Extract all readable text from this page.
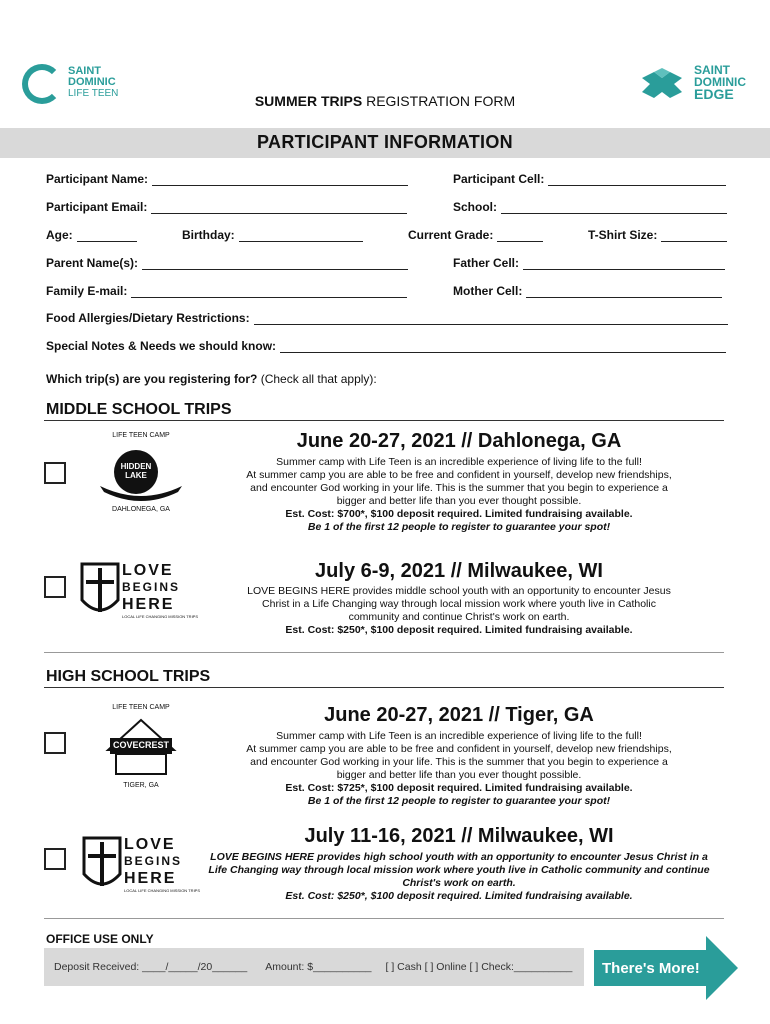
SAINT
DOMINIC
LIFE TEEN
SAINT
DOMINIC
EDGE
SUMMER TRIPS REGISTRATION FORM
PARTICIPANT INFORMATION
Participant Name:	Participant Cell:
Participant Email:	School:
Age:	Birthday:	Current Grade:	T-Shirt Size:
Parent Name(s):	Father Cell:
Family E-mail:	Mother Cell:
Food Allergies/Dietary Restrictions:
Special Notes & Needs we should know:
Which trip(s) are you registering for? (Check all that apply):
MIDDLE SCHOOL TRIPS
LIFE TEEN CAMP
HIDDEN LAKE
DAHLONEGA, GA
June 20-27, 2021 // Dahlonega, GA
Summer camp with Life Teen is an incredible experience of living life to the full!
At summer camp you are able to be free and confident in yourself, develop new friendships,
and encounter God working in your life. This is the summer that you begin to experience a
bigger and better life than you ever thought possible.
Est. Cost: $700*, $100 deposit required. Limited fundraising available.
Be 1 of the first 12 people to register to guarantee your spot!
LOVE
BEGINS
HERE
LOCAL LIFE CHANGING MISSION TRIPS
July 6-9, 2021 // Milwaukee, WI
LOVE BEGINS HERE provides middle school youth with an opportunity to encounter Jesus
Christ in a Life Changing way through local mission work where youth live in Catholic
community and continue Christ's work on earth.
Est. Cost: $250*, $100 deposit required. Limited fundraising available.
HIGH SCHOOL TRIPS
LIFE TEEN CAMP
COVECREST
TIGER, GA
June 20-27, 2021 // Tiger, GA
Summer camp with Life Teen is an incredible experience of living life to the full!
At summer camp you are able to be free and confident in yourself, develop new friendships,
and encounter God working in your life. This is the summer that you begin to experience a
bigger and better life than you ever thought possible.
Est. Cost: $725*, $100 deposit required. Limited fundraising available.
Be 1 of the first 12 people to register to guarantee your spot!
LOVE
BEGINS
HERE
LOCAL LIFE CHANGING MISSION TRIPS
July 11-16, 2021 // Milwaukee, WI
LOVE BEGINS HERE provides high school youth with an opportunity to encounter Jesus Christ in a
Life Changing way through local mission work where youth live in Catholic community and continue
Christ's work on earth.
Est. Cost: $250*, $100 deposit required. Limited fundraising available.
OFFICE USE ONLY
Deposit Received: ____/_____/20______ Amount: $__________ [ ] Cash [ ] Online [ ] Check:__________ There's More!
